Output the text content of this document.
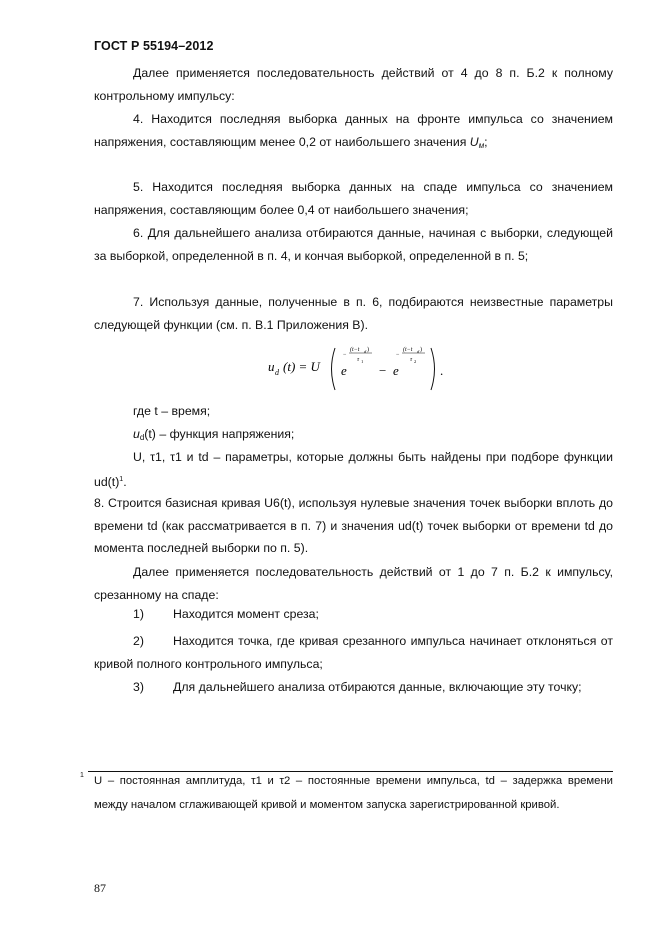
ГОСТ Р 55194–2012

Далее применяется последовательность действий от 4 до 8 п. Б.2 к полному контрольному импульсу:

4. Находится последняя выборка данных на фронте импульса со значением напряжения, составляющим менее 0,2 от наибольшего значения $U_м$;

5. Находится последняя выборка данных на спаде импульса со значением напряжения, составляющим более 0,4 от наибольшего значения;

6. Для дальнейшего анализа отбираются данные, начиная с выборки, следующей за выборкой, определенной в п. 4, и кончая выборкой, определенной в п. 5;

7. Используя данные, полученные в п. 6, подбираются неизвестные параметры следующей функции (см. п. В.1 Приложения В).

u d (t) = U e
−
(t−t d )
τ 1
− e
−
(t−t d )
τ 2
.

где t – время;

$u_d(t)$ – функция напряжения;

U, τ1, τ1 и td – параметры, которые должны быть найдены при подборе функции $ud(t)^1$.

8. Строится базисная кривая U6(t), используя нулевые значения точек выборки вплоть до времени td (как рассматривается в п. 7) и значения ud(t) точек выборки от времени td до момента последней выборки по п. 5).

Далее применяется последовательность действий от 1 до 7 п. Б.2 к импульсу, срезанному на спаде:

1) Находится момент среза;

2) Находится точка, где кривая срезанного импульса начинает отклоняться от кривой полного контрольного импульса;

3) Для дальнейшего анализа отбираются данные, включающие эту точку;

1 U – постоянная амплитуда, τ1 и τ2 – постоянные времени импульса, td – задержка времени между началом сглаживающей кривой и моментом запуска зарегистрированной кривой.

87
